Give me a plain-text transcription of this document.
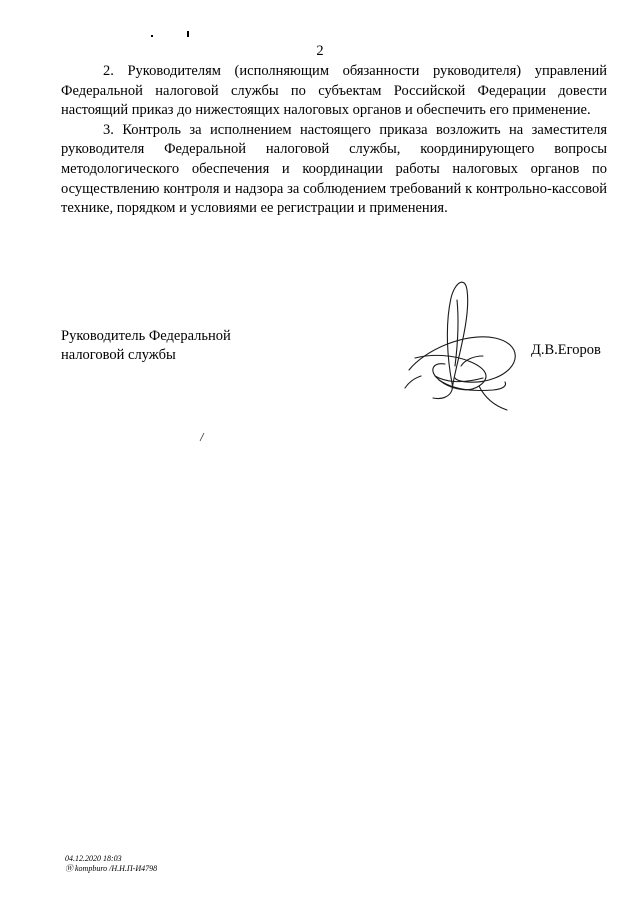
2

2. Руководителям (исполняющим обязанности руководителя) управлений Федеральной налоговой службы по субъектам Российской Федерации довести настоящий приказ до нижестоящих налоговых органов и обеспечить его применение.

3. Контроль за исполнением настоящего приказа возложить на заместителя руководителя Федеральной налоговой службы, координирующего вопросы методологического обеспечения и координации работы налоговых органов по осуществлению контроля и надзора за соблюдением требований к контрольно-кассовой технике, порядком и условиями ее регистрации и применения.

Руководитель Федеральной
налоговой службы	Д.В.Егоров
04.12.2020 18:03
Ⓦ kompburo /Н.Н.П-И4798
